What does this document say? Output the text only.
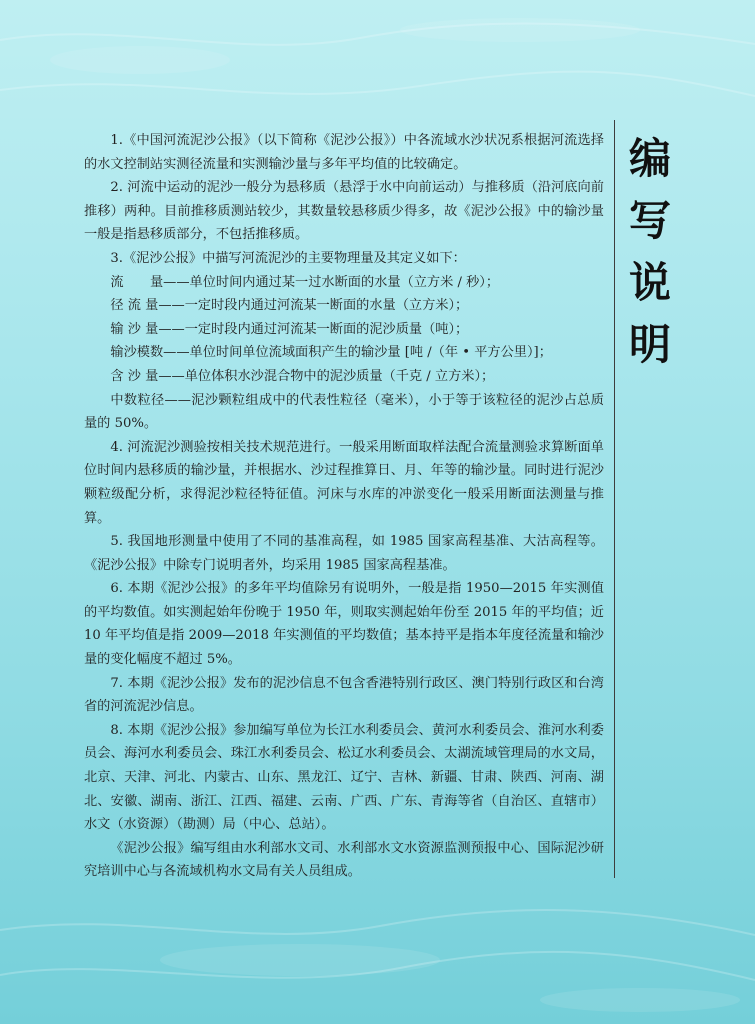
编
写
说
明

1.《中国河流泥沙公报》（以下简称《泥沙公报》）中各流域水沙状况系根据河流选择的水文控制站实测径流量和实测输沙量与多年平均值的比较确定。

2. 河流中运动的泥沙一般分为悬移质（悬浮于水中向前运动）与推移质（沿河底向前推移）两种。目前推移质测站较少，其数量较悬移质少得多，故《泥沙公报》中的输沙量一般是指悬移质部分，不包括推移质。

3.《泥沙公报》中描写河流泥沙的主要物理量及其定义如下：

流　　量——单位时间内通过某一过水断面的水量（立方米 / 秒）；

径 流 量——一定时段内通过河流某一断面的水量（立方米）；

输 沙 量——一定时段内通过河流某一断面的泥沙质量（吨）；

输沙模数——单位时间单位流域面积产生的输沙量 [吨 /（年 • 平方公里）]；

含 沙 量——单位体积水沙混合物中的泥沙质量（千克 / 立方米）；

中数粒径——泥沙颗粒组成中的代表性粒径（毫米），小于等于该粒径的泥沙占总质量的 50%。

4. 河流泥沙测验按相关技术规范进行。一般采用断面取样法配合流量测验求算断面单位时间内悬移质的输沙量，并根据水、沙过程推算日、月、年等的输沙量。同时进行泥沙颗粒级配分析，求得泥沙粒径特征值。河床与水库的冲淤变化一般采用断面法测量与推算。

5. 我国地形测量中使用了不同的基准高程，如 1985 国家高程基准、大沽高程等。《泥沙公报》中除专门说明者外，均采用 1985 国家高程基准。

6. 本期《泥沙公报》的多年平均值除另有说明外，一般是指 1950—2015 年实测值的平均数值。如实测起始年份晚于 1950 年，则取实测起始年份至 2015 年的平均值；近 10 年平均值是指 2009—2018 年实测值的平均数值；基本持平是指本年度径流量和输沙量的变化幅度不超过 5%。

7. 本期《泥沙公报》发布的泥沙信息不包含香港特别行政区、澳门特别行政区和台湾省的河流泥沙信息。

8. 本期《泥沙公报》参加编写单位为长江水利委员会、黄河水利委员会、淮河水利委员会、海河水利委员会、珠江水利委员会、松辽水利委员会、太湖流域管理局的水文局，北京、天津、河北、内蒙古、山东、黑龙江、辽宁、吉林、新疆、甘肃、陕西、河南、湖北、安徽、湖南、浙江、江西、福建、云南、广西、广东、青海等省（自治区、直辖市）水文（水资源）（勘测）局（中心、总站）。

《泥沙公报》编写组由水利部水文司、水利部水文水资源监测预报中心、国际泥沙研究培训中心与各流域机构水文局有关人员组成。
